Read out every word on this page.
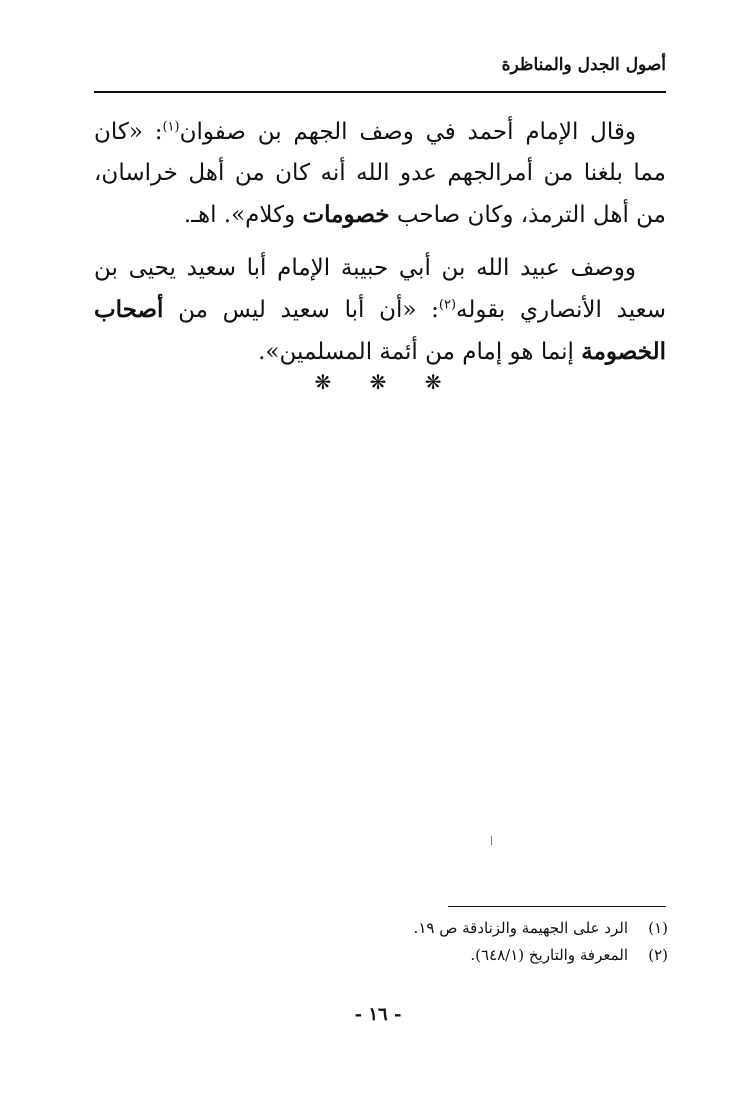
أصول الجدل والمناظرة

وقال الإمام أحمد في وصف الجهم بن صفوان$^{(١)}$: «كان مما بلغنا من أمرالجهم عدو الله أنه كان من أهل خراسان، من أهل الترمذ، وكان صاحب خصومات وكلام». اهـ.

ووصف عبيد الله بن أبي حبيبة الإمام أبا سعيد يحيى بن سعيد الأنصاري بقوله$^{(٢)}$: «أن أبا سعيد ليس من أصحاب الخصومة إنما هو إمام من أئمة المسلمين».

❋ ❋ ❋
(١)الرد على الجهيمة والزنادقة ص ١٩.
(٢)المعرفة والتاريخ (٦٤٨/١).
- ١٦ -
